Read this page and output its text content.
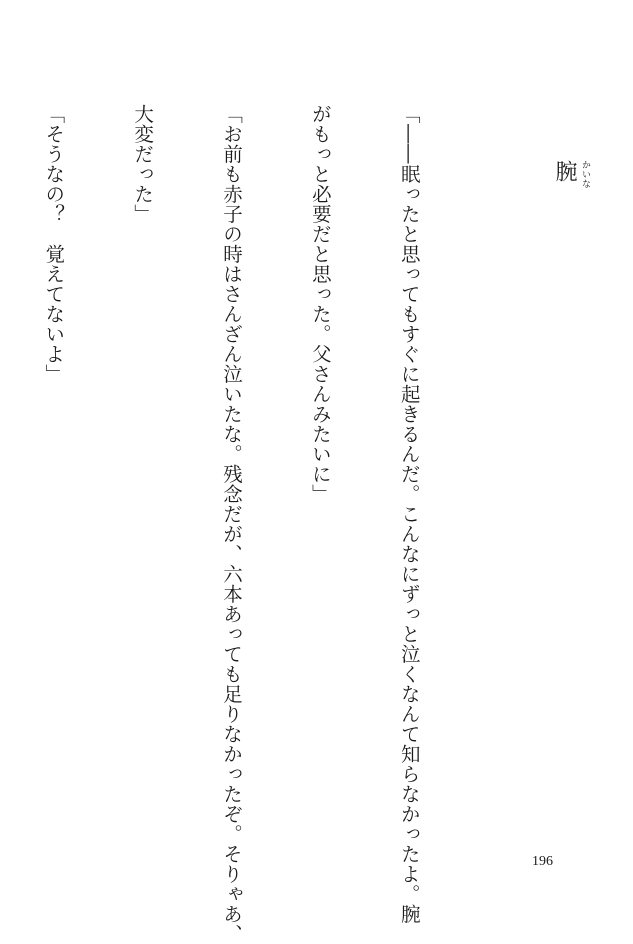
腕 かいな

「――眠ったと思ってもすぐに起きるんだ。こんなにずっと泣くなんて知らなかったよ。腕

がもっと必要だと思った。父さんみたいに」

「お前も赤子の時はさんざん泣いたな。残念だが、六本あっても足りなかったぞ。そりゃあ、

大変だった」

「そうなの？　覚えてないよ」

196
